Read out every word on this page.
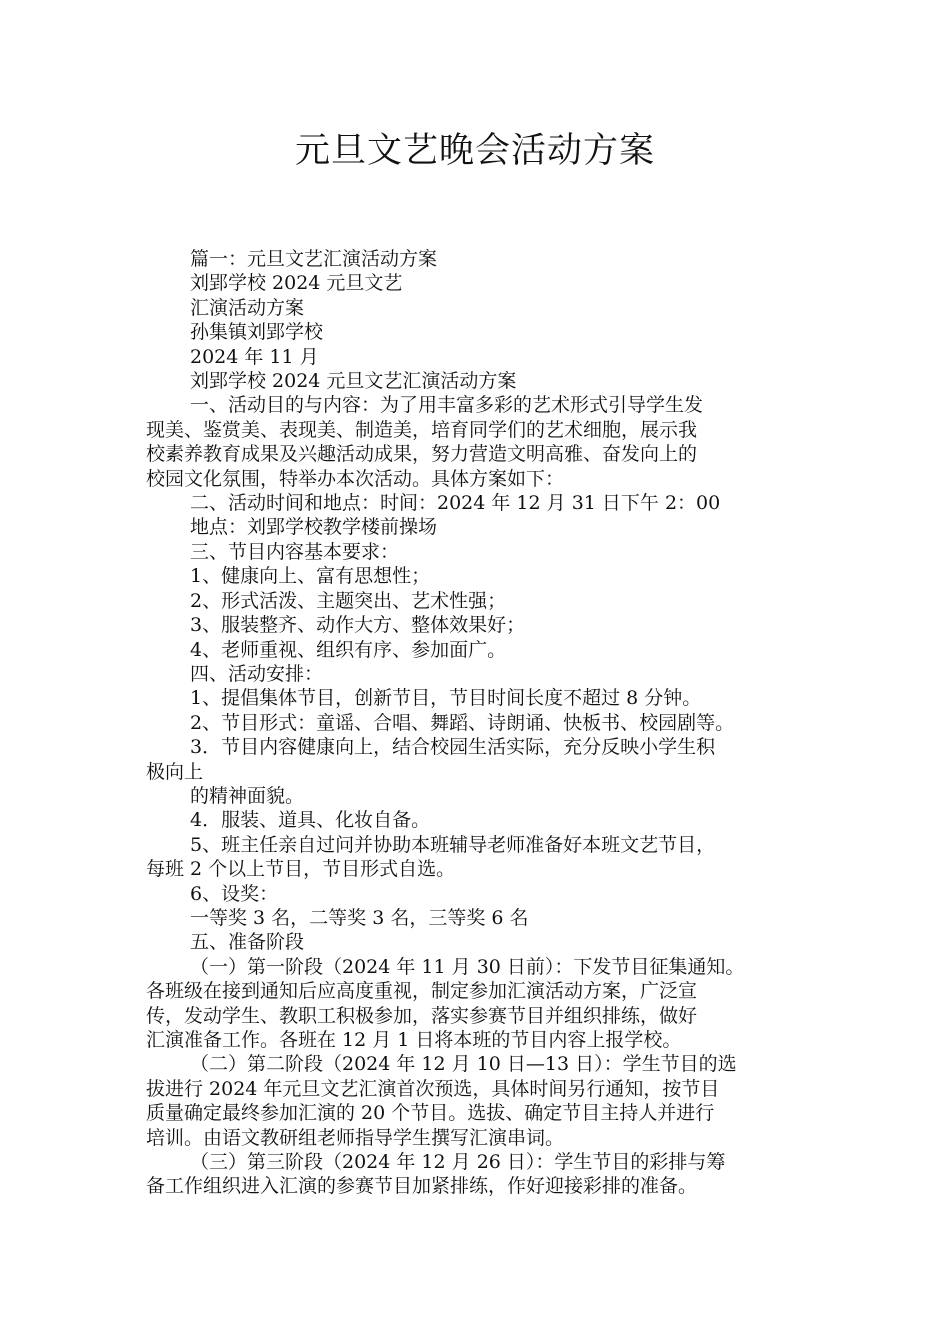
元旦文艺晚会活动方案

篇一：元旦文艺汇演活动方案

刘郢学校 2024 元旦文艺

汇演活动方案

孙集镇刘郢学校

2024 年 11 月

刘郢学校 2024 元旦文艺汇演活动方案

一、活动目的与内容：为了用丰富多彩的艺术形式引导学生发

现美、鉴赏美、表现美、制造美，培育同学们的艺术细胞，展示我

校素养教育成果及兴趣活动成果，努力营造文明高雅、奋发向上的

校园文化氛围，特举办本次活动。具体方案如下：

二、活动时间和地点：时间：2024 年 12 月 31 日下午 2：00

地点：刘郢学校教学楼前操场

三、节目内容基本要求：

1、健康向上、富有思想性；

2、形式活泼、主题突出、艺术性强；

3、服装整齐、动作大方、整体效果好；

4、老师重视、组织有序、参加面广。

四、活动安排：

1、提倡集体节目，创新节目，节目时间长度不超过 8 分钟。

2、节目形式：童谣、合唱、舞蹈、诗朗诵、快板书、校园剧等。

3．节目内容健康向上，结合校园生活实际，充分反映小学生积

极向上

的精神面貌。

4．服装、道具、化妆自备。

5、班主任亲自过问并协助本班辅导老师准备好本班文艺节目，

每班 2 个以上节目，节目形式自选。

6、设奖：

一等奖 3 名，二等奖 3 名，三等奖 6 名

五、准备阶段

（一）第一阶段（2024 年 11 月 30 日前）：下发节目征集通知。

各班级在接到通知后应高度重视，制定参加汇演活动方案，广泛宣

传，发动学生、教职工积极参加，落实参赛节目并组织排练，做好

汇演准备工作。各班在 12 月 1 日将本班的节目内容上报学校。

（二）第二阶段（2024 年 12 月 10 日—13 日）：学生节目的选

拔进行 2024 年元旦文艺汇演首次预选，具体时间另行通知，按节目

质量确定最终参加汇演的 20 个节目。选拔、确定节目主持人并进行

培训。由语文教研组老师指导学生撰写汇演串词。

（三）第三阶段（2024 年 12 月 26 日）：学生节目的彩排与筹

备工作组织进入汇演的参赛节目加紧排练，作好迎接彩排的准备。
